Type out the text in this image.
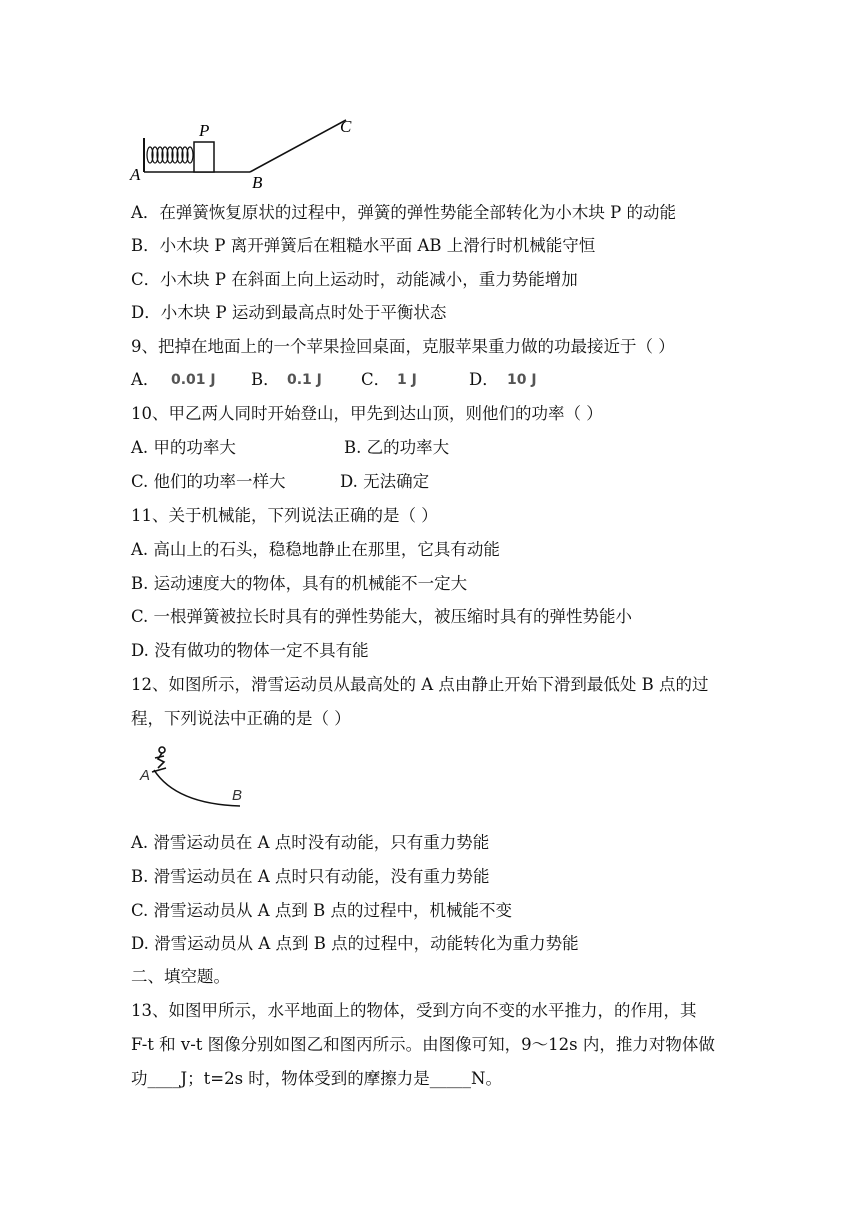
A
P
B
C
A．在弹簧恢复原状的过程中，弹簧的弹性势能全部转化为小木块 P 的动能
B．小木块 P 离开弹簧后在粗糙水平面 AB 上滑行时机械能守恒
C．小木块 P 在斜面上向上运动时，动能减小，重力势能增加
D．小木块 P 运动到最高点时处于平衡状态
9、把掉在地面上的一个苹果捡回桌面，克服苹果重力做的功最接近于（ ）
A． 0.01 J B． 0.1 J C． 1 J	D． 10 J
10、甲乙两人同时开始登山，甲先到达山顶，则他们的功率（ ）
A. 甲的功率大	B. 乙的功率大
C. 他们的功率一样大	D. 无法确定
11、关于机械能，下列说法正确的是（ ）
A. 高山上的石头，稳稳地静止在那里，它具有动能
B. 运动速度大的物体，具有的机械能不一定大
C. 一根弹簧被拉长时具有的弹性势能大，被压缩时具有的弹性势能小
D. 没有做功的物体一定不具有能
12、如图所示，滑雪运动员从最高处的 A 点由静止开始下滑到最低处 B 点的过
程，下列说法中正确的是（ ）
A
B
A. 滑雪运动员在 A 点时没有动能，只有重力势能
B. 滑雪运动员在 A 点时只有动能，没有重力势能
C. 滑雪运动员从 A 点到 B 点的过程中，机械能不变
D. 滑雪运动员从 A 点到 B 点的过程中，动能转化为重力势能
二、填空题。
13、如图甲所示，水平地面上的物体，受到方向不变的水平推力，的作用，其
F-t 和 v-t 图像分别如图乙和图丙所示。由图像可知，9～12s 内，推力对物体做
功____J；t=2s 时，物体受到的摩擦力是_____N。
